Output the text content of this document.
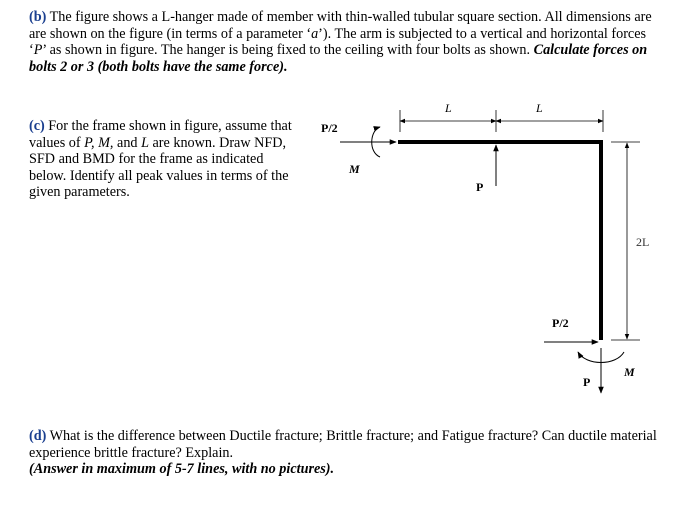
(b) The figure shows a L-hanger made of member with thin-walled tubular square section. All dimensions are are shown on the figure (in terms of a parameter ‘a’). The arm is subjected to a vertical and horizontal forces ‘P’ as shown in figure. The hanger is being fixed to the ceiling with four bolts as shown. Calculate forces on bolts 2 or 3 (both bolts have the same force).
(c) For the frame shown in figure, assume that values of P, M, and L are known. Draw NFD, SFD and BMD for the frame as indicated below. Identify all peak values in terms of the given parameters.
L	L
2L
P/2
M
P
P/2
M
P
(d) What is the difference between Ductile fracture; Brittle fracture; and Fatigue fracture? Can ductile material experience brittle fracture? Explain.
(Answer in maximum of 5-7 lines, with no pictures).
